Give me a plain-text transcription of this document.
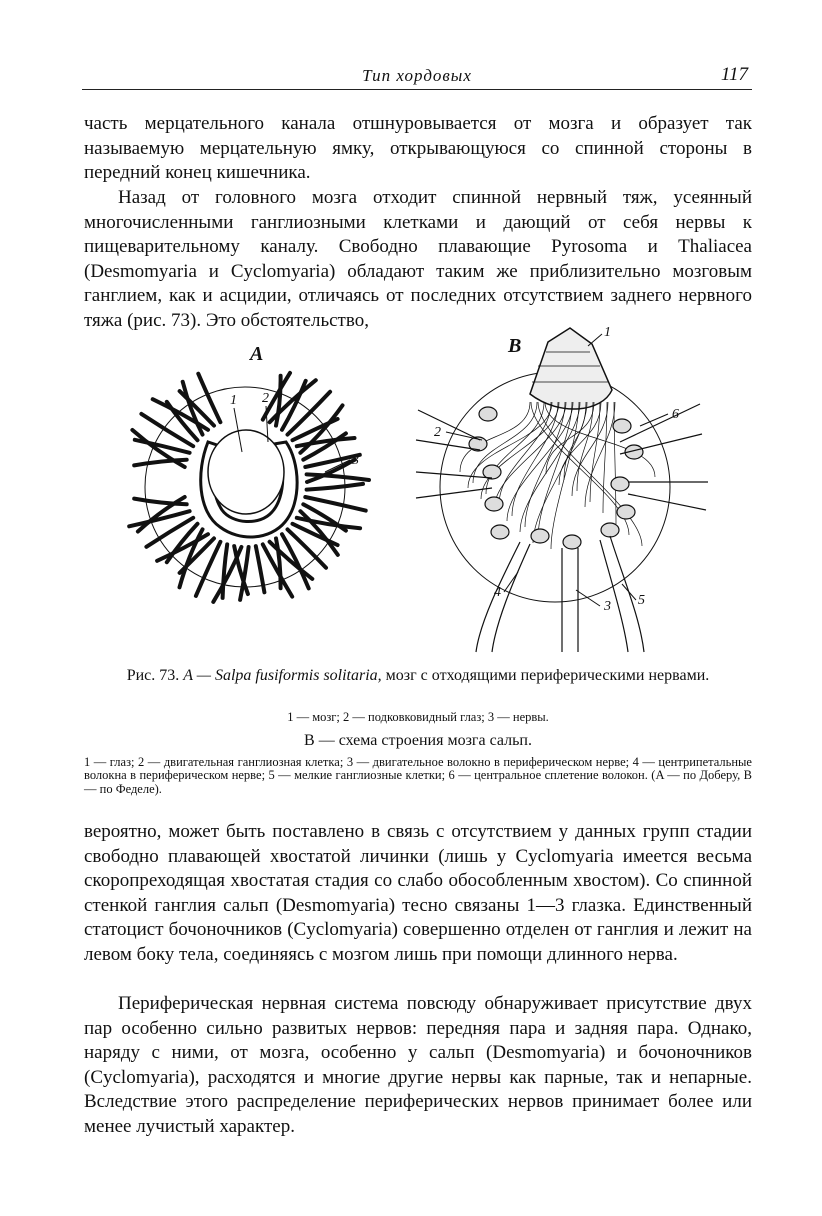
Тип хордовых	117

часть мерцательного канала отшнуровывается от мозга и образует так называемую мерцательную ямку, открывающуюся со спинной стороны в передний конец кишечника.

Назад от головного мозга отходит спинной нервный тяж, усеянный многочисленными ганглиозными клетками и дающий от себя нервы к пищеварительному каналу. Свободно плавающие Pyrosoma и Thaliacea (Desmomyaria и Cyclomyaria) обладают таким же приблизительно мозговым ганглием, как и асцидии, отличаясь от последних отсутствием заднего нервного тяжа (рис. 73). Это обстоятельство,

A
1 2
3
B
1
2
3
4
5
6

Рис. 73. A — Salpa fusiformis solitaria, мозг с отходящими периферическими нервами.

1 — мозг; 2 — подковковидный глаз; 3 — нервы.

B — схема строения мозга сальп.

1 — глаз; 2 — двигательная ганглиозная клетка; 3 — двигательное волокно в периферическом нерве; 4 — центрипетальные волокна в периферическом нерве; 5 — мелкие ганглиозные клетки; 6 — центральное сплетение волокон. (A — по Доберу, B — по Феделе).

вероятно, может быть поставлено в связь с отсутствием у данных групп стадии свободно плавающей хвостатой личинки (лишь у Cyclomyaria имеется весьма скоропреходящая хвостатая стадия со слабо обособленным хвостом). Со спинной стенкой ганглия сальп (Desmomyaria) тесно связаны 1—3 глазка. Единственный статоцист бочоночников (Cyclomyaria) совершенно отделен от ганглия и лежит на левом боку тела, соединяясь с мозгом лишь при помощи длинного нерва.

Периферическая нервная система повсюду обнаруживает присутствие двух пар особенно сильно развитых нервов: передняя пара и задняя пара. Однако, наряду с ними, от мозга, особенно у сальп (Desmomyaria) и бочоночников (Cyclomyaria), расходятся и многие другие нервы как парные, так и непарные. Вследствие этого распределение периферических нервов принимает более или менее лучистый характер.
